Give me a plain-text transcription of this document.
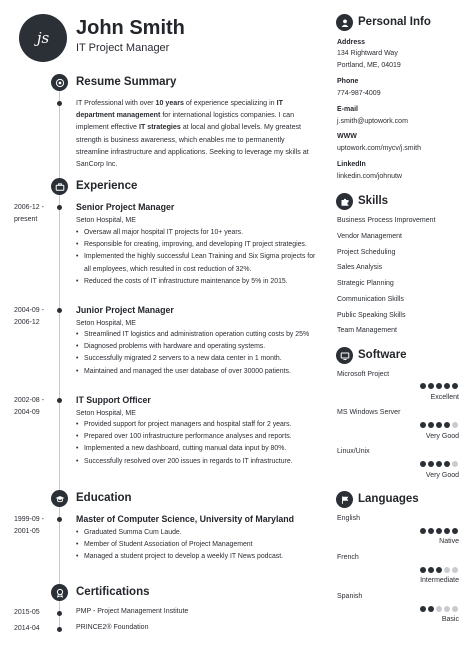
js John Smith
IT Project Manager
Resume Summary
IT Professional with over 10 years of experience specializing in IT department management for international logistics companies. I can implement effective IT strategies at local and global levels. My greatest strength is business awareness, which enables me to permanently streamline infrastructure and applications. Seeking to leverage my skills at SanCorp Inc.
Experience
2006-12 -
present
Senior Project Manager
Seton Hospital, ME
• Oversaw all major hospital IT projects for 10+ years.
• Responsible for creating, improving, and developing IT project strategies.
• Implemented the highly successful Lean Training and Six Sigma projects for all employees, which resulted in cost reduction of 32%.
• Reduced the costs of IT infrastructure maintenance by 5% in 2015.
2004-09 -
2006-12
Junior Project Manager
Seton Hospital, ME
• Streamlined IT logistics and administration operation cutting costs by 25%
• Diagnosed problems with hardware and operating systems.
• Successfully migrated 2 servers to a new data center in 1 month.
• Maintained and managed the user database of over 30000 patients.
2002-08 -
2004-09
IT Support Officer
Seton Hospital, ME
• Provided support for project managers and hospital staff for 2 years.
• Prepared over 100 infrastructure performance analyses and reports.
• Implemented a new dashboard, cutting manual data input by 80%.
• Successfully resolved over 200 issues in regards to IT infrastructure.
Education
1999-09 -
2001-05
Master of Computer Science, University of Maryland
• Graduated Summa Cum Laude.
• Member of Student Association of Project Management
• Managed a student project to develop a weekly IT News podcast.
Certifications
2015-05	PMP - Project Management Institute
2014-04	PRINCE2® Foundation
Personal Info
Address
134 Rightward Way
Portland, ME, 04019
Phone
774-987-4009
E-mail
j.smith@uptowork.com
WWW
uptowork.com/mycv/j.smith
LinkedIn
linkedin.com/johnutw
Skills
Business Process Improvement
Vendor Management
Project Scheduling
Sales Analysis
Strategic Planning
Communication Skills
Public Speaking Skills
Team Management
Software
Microsoft Project
Excellent
MS Windows Server
Very Good
Linux/Unix
Very Good
Languages
English
Native
French
Intermediate
Spanish
Basic
